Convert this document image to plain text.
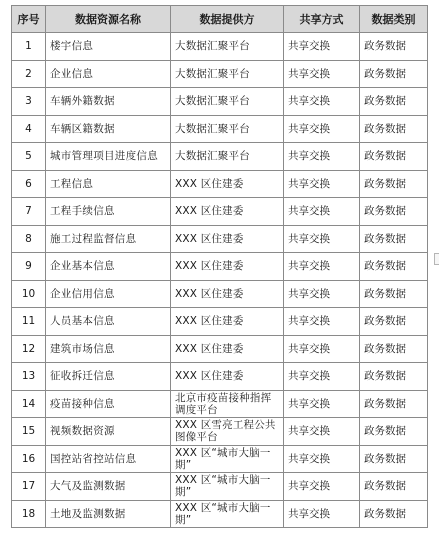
序号	数据资源名称	数据提供方	共享方式	数据类别
1	楼宇信息	大数据汇聚平台	共享交换	政务数据
2	企业信息	大数据汇聚平台	共享交换	政务数据
3	车辆外籍数据	大数据汇聚平台	共享交换	政务数据
4	车辆区籍数据	大数据汇聚平台	共享交换	政务数据
5	城市管理项目进度信息	大数据汇聚平台	共享交换	政务数据
6	工程信息	XXX 区住建委	共享交换	政务数据
7	工程手续信息	XXX 区住建委	共享交换	政务数据
8	施工过程监督信息	XXX 区住建委	共享交换	政务数据
9	企业基本信息	XXX 区住建委	共享交换	政务数据
10	企业信用信息	XXX 区住建委	共享交换	政务数据
11	人员基本信息	XXX 区住建委	共享交换	政务数据
12	建筑市场信息	XXX 区住建委	共享交换	政务数据
13	征收拆迁信息	XXX 区住建委	共享交换	政务数据
14	疫苗接种信息	北京市疫苗接种指挥调度平台	共享交换	政务数据
15	视频数据资源	XXX 区雪亮工程公共图像平台	共享交换	政务数据
16	国控站省控站信息	XXX 区“城市大脑一期”	共享交换	政务数据
17	大气及监测数据	XXX 区“城市大脑一期”	共享交换	政务数据
18	土地及监测数据	XXX 区“城市大脑一期”	共享交换	政务数据
